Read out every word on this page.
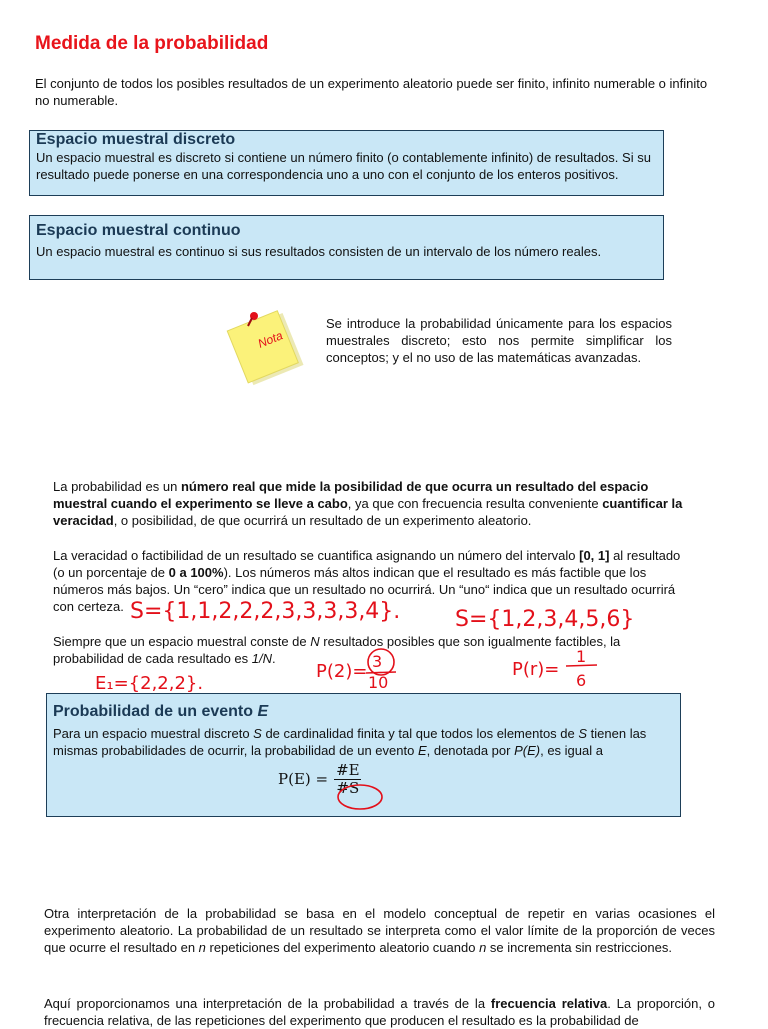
Medida de la probabilidad
El conjunto de todos los posibles resultados de un experimento aleatorio puede ser finito, infinito numerable o infinito no numerable.
Espacio muestral discreto

Un espacio muestral es discreto si contiene un número finito (o contablemente infinito) de resultados. Si su resultado puede ponerse en una correspondencia uno a uno con el conjunto de los enteros positivos.

Espacio muestral continuo

Un espacio muestral es continuo si sus resultados consisten de un intervalo de los número reales.

Nota
Se introduce la probabilidad únicamente para los espacios muestrales discreto; esto nos permite simplificar los conceptos; y el no uso de las matemáticas avanzadas.
La probabilidad es un número real que mide la posibilidad de que ocurra un resultado del espacio muestral cuando el experimento se lleve a cabo, ya que con frecuencia resulta conveniente cuantificar la veracidad, o posibilidad, de que ocurrirá un resultado de un experimento aleatorio.
La veracidad o factibilidad de un resultado se cuantifica asignando un número del intervalo [0, 1] al resultado (o un porcentaje de 0 a 100%). Los números más altos indican que el resultado es más factible que los números más bajos. Un “cero” indica que un resultado no ocurrirá. Un “uno“ indica que un resultado ocurrirá con certeza.
Siempre que un espacio muestral conste de N resultados posibles que son igualmente factibles, la probabilidad de cada resultado es 1/N.
Probabilidad de un evento E

Para un espacio muestral discreto S de cardinalidad finita y tal que todos los elementos de S tienen las mismas probabilidades de ocurrir, la probabilidad de un evento E, denotada por P(E), es igual a

$P(E) = \frac{\#E}{\#S}$
Otra interpretación de la probabilidad se basa en el modelo conceptual de repetir en varias ocasiones el experimento aleatorio. La probabilidad de un resultado se interpreta como el valor límite de la proporción de veces que ocurre el resultado en n repeticiones del experimento aleatorio cuando n se incrementa sin restricciones.
Aquí proporcionamos una interpretación de la probabilidad a través de la frecuencia relativa. La proporción, o frecuencia relativa, de las repeticiones del experimento que producen el resultado es la probabilidad de
S={1,1,2,2,2,3,3,3,3,4}. S={1,2,3,4,5,6}
E₁={2,2,2}.
P(2)= 3
10
P(r)=
1
6
